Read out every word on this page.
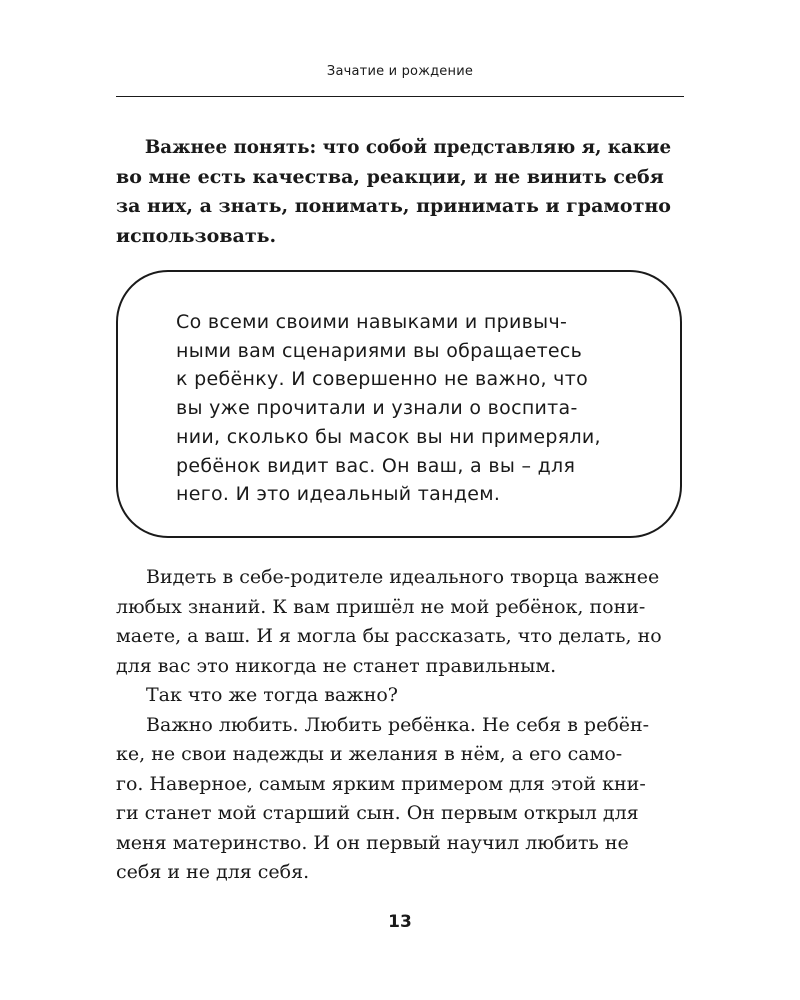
Зачатие и рождение
Важнее понять: что собой представляю я, какие
во мне есть качества, реакции, и не винить себя
за них, а знать, понимать, принимать и грамотно
использовать.
Со всеми своими навыками и привыч-
ными вам сценариями вы обращаетесь
к ребёнку. И совершенно не важно, что
вы уже прочитали и узнали о воспита-
нии, сколько бы масок вы ни примеряли,
ребёнок видит вас. Он ваш, а вы – для
него. И это идеальный тандем.
Видеть в себе-родителе идеального творца важнее
любых знаний. К вам пришёл не мой ребёнок, пони-
маете, а ваш. И я могла бы рассказать, что делать, но
для вас это никогда не станет правильным.
Так что же тогда важно?
Важно любить. Любить ребёнка. Не себя в ребён-
ке, не свои надежды и желания в нём, а его само-
го. Наверное, самым ярким примером для этой кни-
ги станет мой старший сын. Он первым открыл для
меня материнство. И он первый научил любить не
себя и не для себя.
13
